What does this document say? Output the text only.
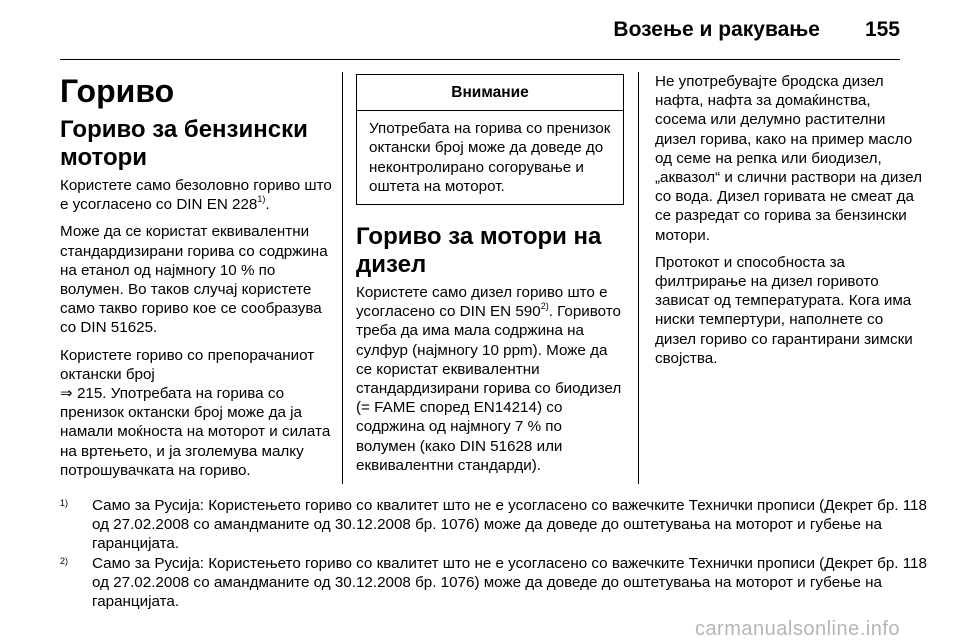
Возење и ракување 155
Гориво
Гориво за бензински мотори

Користете само безоловно гориво што е усогласено со DIN EN 228$^{1)}$.

Може да се користат еквивалентни стандардизирани горива со содржина на етанол од најмногу 10 % по волумен. Во таков случај користете само такво гориво кое се сообразува со DIN 51625.

Користете гориво со препорачаниот октански број
⇒ 215. Употребата на горива со пренизок октански број може да ја намали моќноста на моторот и силата на вртењето, и ја зголемува малку потрошувачката на гориво.

Внимание
Употребата на горива со пренизок октански број може да доведе до неконтролирано согорување и оштета на моторот.
Гориво за мотори на дизел

Користете само дизел гориво што е усогласено со DIN EN 590$^{2)}$. Горивото треба да има мала содржина на сулфур (најмногу 10 ppm). Може да се користат еквивалентни стандардизирани горива со биодизел (= FAME според EN14214) со содржина од најмногу 7 % по волумен (како DIN 51628 или еквивалентни стандарди).

Не употребувајте бродска дизел нафта, нафта за домаќинства, сосема или делумно растителни дизел горива, како на пример масло од семе на репка или биодизел, „аквазол“ и слични раствори на дизел со вода. Дизел горивата не смеат да се разредат со горива за бензински мотори.

Протокот и способноста за филтрирање на дизел горивото зависат од температурата. Кога има ниски темпертури, наполнете со дизел гориво со гарантирани зимски својства.

1) Само за Русија: Користењето гориво со квалитет што не е усогласено со важечките Технички прописи (Декрет бр. 118 од 27.02.2008 со амандманите од 30.12.2008 бр. 1076) може да доведе до оштетувања на моторот и губење на гаранцијата.
2) Само за Русија: Користењето гориво со квалитет што не е усогласено со важечките Технички прописи (Декрет бр. 118 од 27.02.2008 со амандманите од 30.12.2008 бр. 1076) може да доведе до оштетувања на моторот и губење на гаранцијата.
carmanualsonline.info
